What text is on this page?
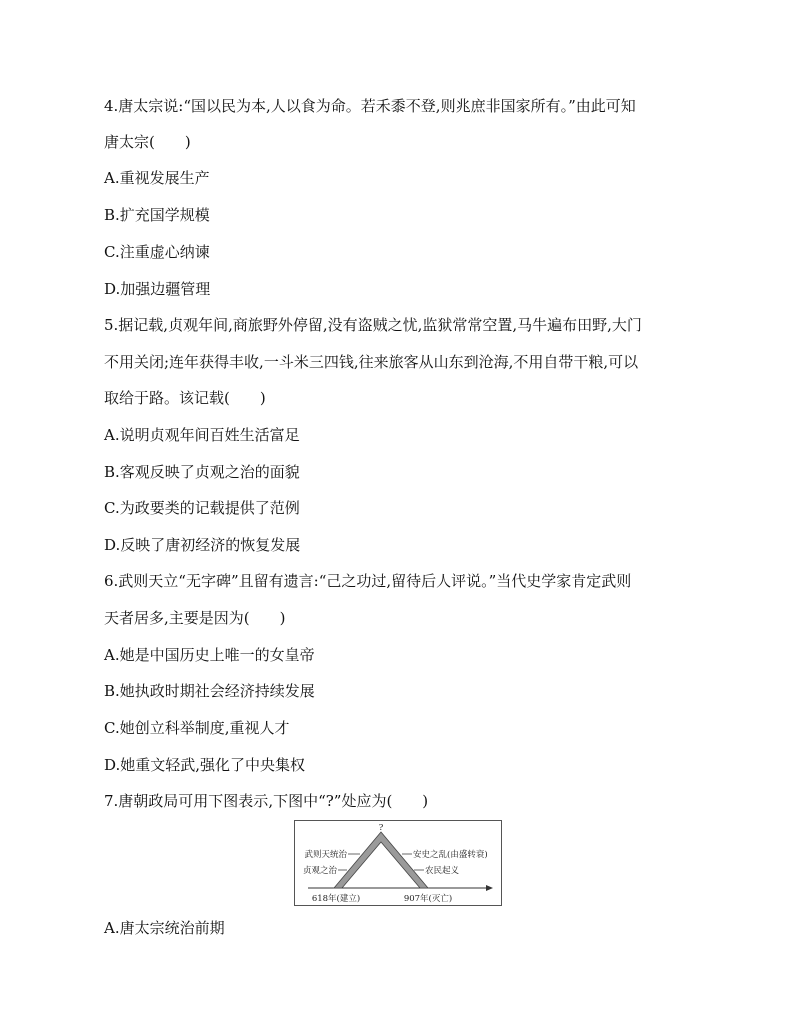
4.唐太宗说:“国以民为本,人以食为命。若禾黍不登,则兆庶非国家所有。”由此可知
唐太宗(　　)
A.重视发展生产
B.扩充国学规模
C.注重虚心纳谏
D.加强边疆管理
5.据记载,贞观年间,商旅野外停留,没有盗贼之忧,监狱常常空置,马牛遍布田野,大门
不用关闭;连年获得丰收,一斗米三四钱,往来旅客从山东到沧海,不用自带干粮,可以
取给于路。该记载(　　)
A.说明贞观年间百姓生活富足
B.客观反映了贞观之治的面貌
C.为政要类的记载提供了范例
D.反映了唐初经济的恢复发展
6.武则天立“无字碑”且留有遗言:“己之功过,留待后人评说。”当代史学家肯定武则
天者居多,主要是因为(　　)
A.她是中国历史上唯一的女皇帝
B.她执政时期社会经济持续发展
C.她创立科举制度,重视人才
D.她重文轻武,强化了中央集权
7.唐朝政局可用下图表示,下图中“?”处应为(　　)
?
武则天统治
贞观之治
安史之乱(由盛转衰)
农民起义
618年(建立)	907年(灭亡)
A.唐太宗统治前期
